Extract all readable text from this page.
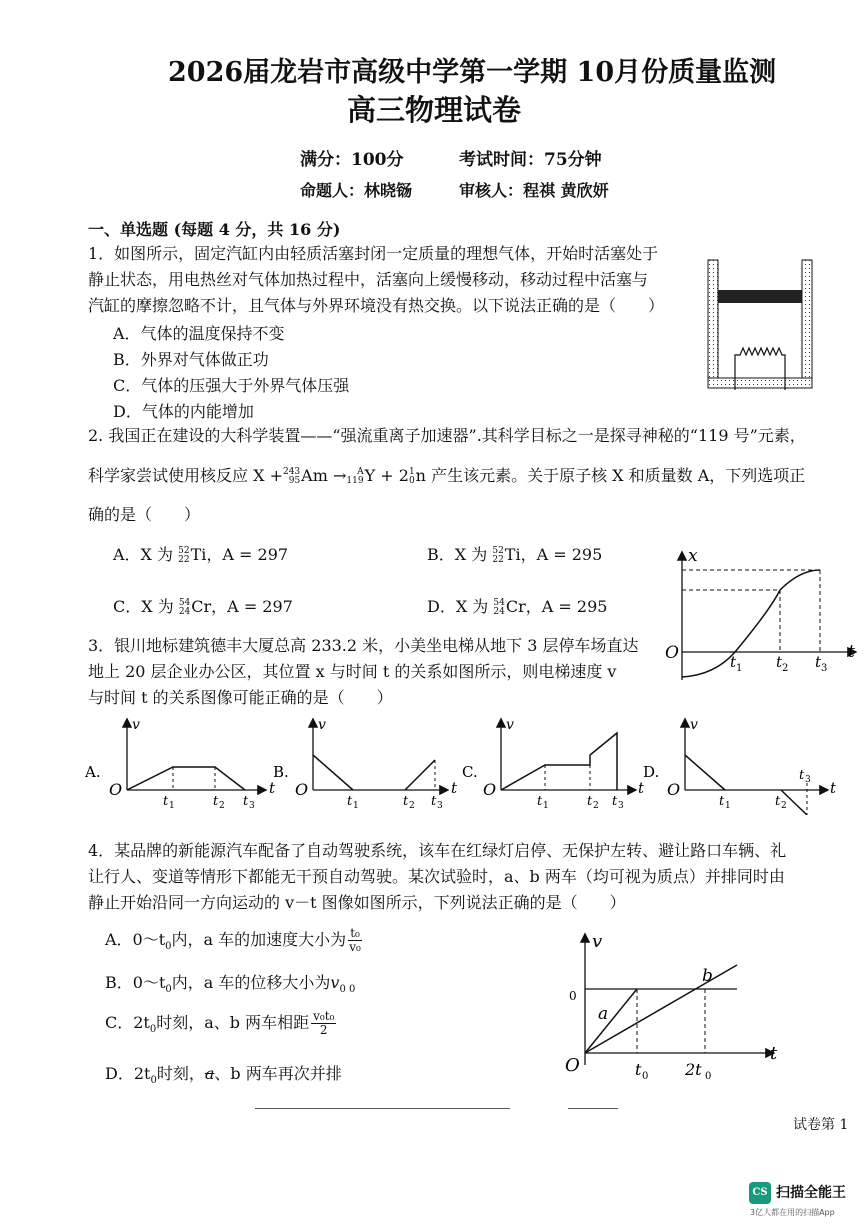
2026届龙岩市高级中学第一学期 10月份质量监测
高三物理试卷
满分：100分	考试时间：75分钟
命题人：林晓铴	审核人：程祺 黄欣妍
一、单选题 (每题 4 分，共 16 分)
1．如图所示，固定汽缸内由轻质活塞封闭一定质量的理想气体，开始时活塞处于
静止状态，用电热丝对气体加热过程中，活塞向上缓慢移动，移动过程中活塞与
汽缸的摩擦忽略不计，且气体与外界环境没有热交换。以下说法正确的是（　　）
A．气体的温度保持不变
B．外界对气体做正功
C．气体的压强大于外界气体压强
D．气体的内能增加
2. 我国正在建设的大科学装置——“强流重离子加速器”.其科学目标之一是探寻神秘的“119 号”元素，
科学家尝试使用核反应 X + 243
95 Am →	A
119 Y + 2 1
0 n 产生该元素。关于原子核 X 和质量数 A，下列选项正
确的是（　　）
A．X 为 52
22 Ti，A = 297	B．X 为 52
22 Ti，A = 295
C．X 为 54
24 Cr，A = 297	D．X 为 54
24 Cr，A = 295
x
t
O	t 1 t 2 t 3
3．银川地标建筑德丰大厦总高 233.2 米，小美坐电梯从地下 3 层停车场直达
地上 20 层企业办公区，其位置 x 与时间 t 的关系如图所示，则电梯速度 v
与时间 t 的关系图像可能正确的是（　　）
A.
O
v
t
t 1	t 2 t 3
B.
O
v
t
t 1	t 2 t 3
C.
O
v
t
t 1	t 2 t 3
D.
O
v
t
t 1	t 2
t 3
4．某品牌的新能源汽车配备了自动驾驶系统，该车在红绿灯启停、无保护左转、避让路口车辆、礼
让行人、变道等情形下都能无干预自动驾驶。某次试验时，a、b 两车（均可视为质点）并排同时由
静止开始沿同一方向运动的 v－t 图像如图所示，下列说法正确的是（　　）
A．$0\sim t_0$内，a 车的加速度大小为 $\frac{\text{t₀}}{\text{v₀}}$
B．$0\sim t_0$内，a 车的位移大小为$v_{0 0}$
C．$2t_0$时刻，a、b 两车相距 $\frac{\text{v₀t₀}}{2}$
D．$2t_0$时刻，a、b 两车再次并排
v
t
O
0
a
b
t 0 2t 0
试卷第 1
CS 扫描全能王
3亿人都在用的扫描App
